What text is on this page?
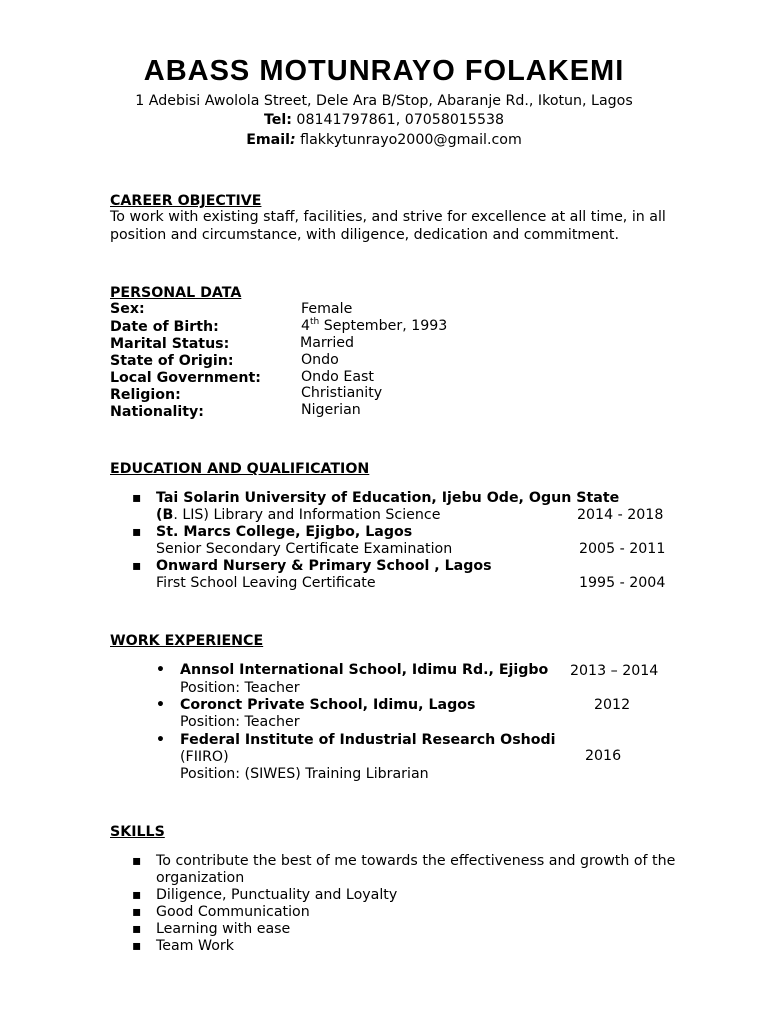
ABASS MOTUNRAYO FOLAKEMI
1 Adebisi Awolola Street, Dele Ara B/Stop, Abaranje Rd., Ikotun, Lagos
Tel: 08141797861, 07058015538
Email: flakkytunrayo2000@gmail.com
CAREER OBJECTIVE
To work with existing staff, facilities, and strive for excellence at all time, in all
position and circumstance, with diligence, dedication and commitment.
PERSONAL DATA
Sex:	Female
Date of Birth:	4th September, 1993
Marital Status:	Married
State of Origin:	Ondo
Local Government:	Ondo East
Religion:	Christianity
Nationality:	Nigerian
EDUCATION AND QUALIFICATION
▪ Tai Solarin University of Education, Ijebu Ode, Ogun State
(B. LIS) Library and Information Science	2014 - 2018
▪ St. Marcs College, Ejigbo, Lagos
Senior Secondary Certificate Examination	2005 - 2011
▪ Onward Nursery & Primary School , Lagos
First School Leaving Certificate	1995 - 2004
WORK EXPERIENCE
• Annsol International School, Idimu Rd., Ejigbo 2013 – 2014
Position: Teacher
• Coronct Private School, Idimu, Lagos	2012
Position: Teacher
• Federal Institute of Industrial Research Oshodi
(FIIRO)	2016
Position: (SIWES) Training Librarian
SKILLS
▪ To contribute the best of me towards the effectiveness and growth of the
organization
▪ Diligence, Punctuality and Loyalty
▪ Good Communication
▪ Learning with ease
▪ Team Work
